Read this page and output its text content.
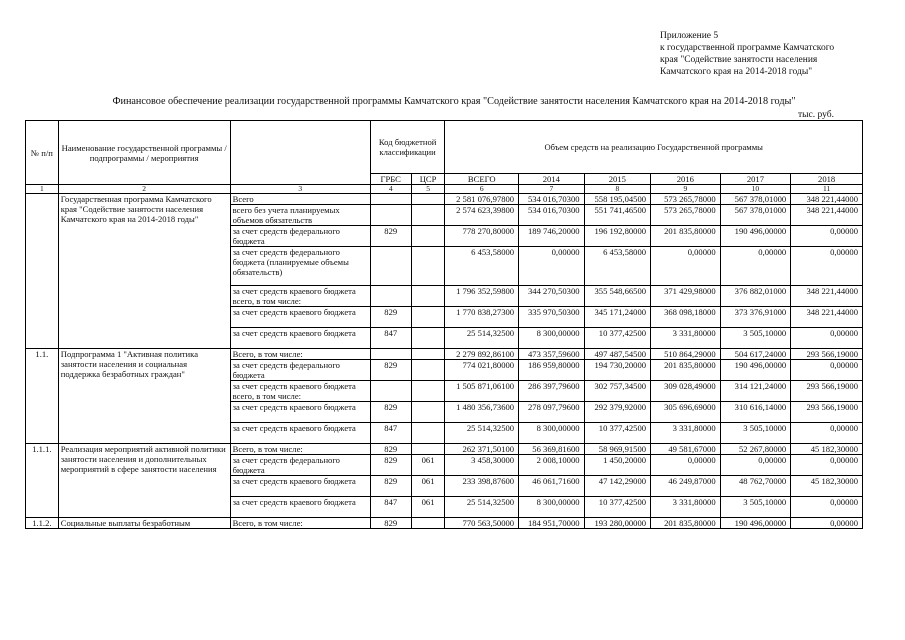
Приложение 5
к государственной программе Камчатского
края "Содействие занятости населения
Камчатского края на 2014-2018 годы"
Финансовое обеспечение реализации государственной программы Камчатского края "Содействие занятости населения Камчатского края на 2014-2018 годы"
тыс. руб.
№ п/п	Наименование государственной программы / подпрограммы / мероприятия		Код бюджетной классификации		Объем средств на реализацию Государственной программы					
			ГРБС	ЦСР	ВСЕГО	2014	2015	2016	2017	2018
1	2	3	4	5	6	7	8	9	10	11
	Государственная программа Камчатского края "Содействие занятости населения Камчатского края на 2014-2018 годы"	Всего			2 581 076,97800	534 016,70300	558 195,04500	573 265,78000	567 378,01000	348 221,44000
		всего без учета планируемых объемов обязательств			2 574 623,39800	534 016,70300	551 741,46500	573 265,78000	567 378,01000	348 221,44000
		за счет средств федерального бюджета	829		778 270,80000	189 746,20000	196 192,80000	201 835,80000	190 496,00000	0,00000
		за счет средств федерального бюджета (планируемые объемы обязательств)			6 453,58000	0,00000	6 453,58000	0,00000	0,00000	0,00000
		за счет средств краевого бюджета всего, в том числе:			1 796 352,59800	344 270,50300	355 548,66500	371 429,98000	376 882,01000	348 221,44000
		за счет средств краевого бюджета	829		1 770 838,27300	335 970,50300	345 171,24000	368 098,18000	373 376,91000	348 221,44000
		за счет средств краевого бюджета	847		25 514,32500	8 300,00000	10 377,42500	3 331,80000	3 505,10000	0,00000
1.1.	Подпрограмма 1 "Активная политика занятости населения и социальная поддержка безработных граждан"	Всего, в том числе:			2 279 892,86100	473 357,59600	497 487,54500	510 864,29000	504 617,24000	293 566,19000
		за счет средств федерального бюджета	829		774 021,80000	186 959,80000	194 730,20000	201 835,80000	190 496,00000	0,00000
		за счет средств краевого бюджета всего, в том числе:			1 505 871,06100	286 397,79600	302 757,34500	309 028,49000	314 121,24000	293 566,19000
		за счет средств краевого бюджета	829		1 480 356,73600	278 097,79600	292 379,92000	305 696,69000	310 616,14000	293 566,19000
		за счет средств краевого бюджета	847		25 514,32500	8 300,00000	10 377,42500	3 331,80000	3 505,10000	0,00000
1.1.1.	Реализация мероприятий активной политики занятости населения и дополнительных мероприятий в сфере занятости населения	Всего, в том числе:	829		262 371,50100	56 369,81600	58 969,91500	49 581,67000	52 267,80000	45 182,30000
		за счет средств федерального бюджета	829	061	3 458,30000	2 008,10000	1 450,20000	0,00000	0,00000	0,00000
		за счет средств краевого бюджета	829	061	233 398,87600	46 061,71600	47 142,29000	46 249,87000	48 762,70000	45 182,30000
		за счет средств краевого бюджета	847	061	25 514,32500	8 300,00000	10 377,42500	3 331,80000	3 505,10000	0,00000
1.1.2.	Социальные выплаты безработным	Всего, в том числе:	829		770 563,50000	184 951,70000	193 280,00000	201 835,80000	190 496,00000	0,00000
